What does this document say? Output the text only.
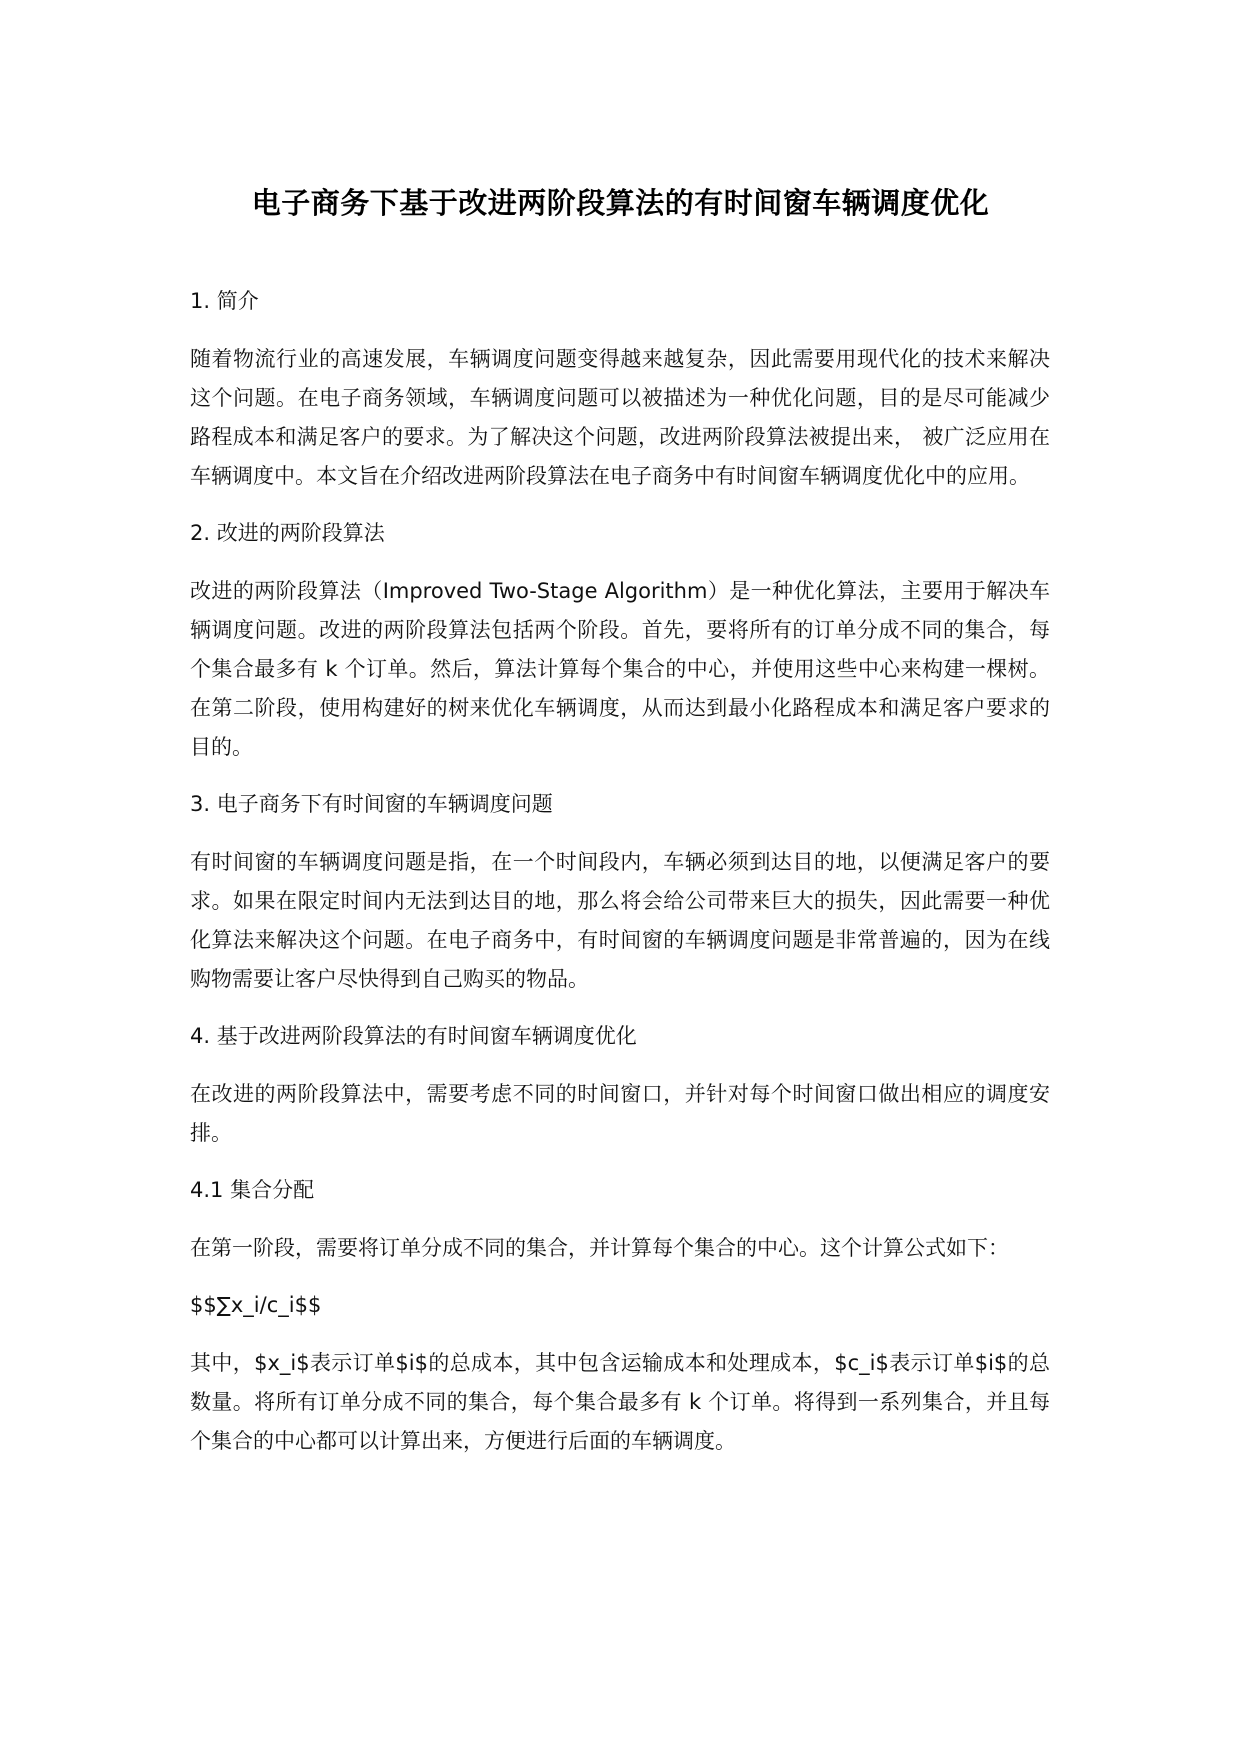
电子商务下基于改进两阶段算法的有时间窗车辆调度优化
1. 简介
随着物流行业的高速发展，车辆调度问题变得越来越复杂，因此需要用现代化的技术来解决这个问题。在电子商务领域，车辆调度问题可以被描述为一种优化问题，目的是尽可能减少路程成本和满足客户的要求。为了解决这个问题，改进两阶段算法被提出来， 被广泛应用在车辆调度中。本文旨在介绍改进两阶段算法在电子商务中有时间窗车辆调度优化中的应用。
2. 改进的两阶段算法
改进的两阶段算法（Improved Two-Stage Algorithm）是一种优化算法，主要用于解决车辆调度问题。改进的两阶段算法包括两个阶段。首先，要将所有的订单分成不同的集合，每个集合最多有 k 个订单。然后，算法计算每个集合的中心，并使用这些中心来构建一棵树。在第二阶段，使用构建好的树来优化车辆调度，从而达到最小化路程成本和满足客户要求的目的。
3. 电子商务下有时间窗的车辆调度问题
有时间窗的车辆调度问题是指，在一个时间段内，车辆必须到达目的地，以便满足客户的要求。如果在限定时间内无法到达目的地，那么将会给公司带来巨大的损失，因此需要一种优化算法来解决这个问题。在电子商务中，有时间窗的车辆调度问题是非常普遍的，因为在线购物需要让客户尽快得到自己购买的物品。
4. 基于改进两阶段算法的有时间窗车辆调度优化
在改进的两阶段算法中，需要考虑不同的时间窗口，并针对每个时间窗口做出相应的调度安排。
4.1 集合分配
在第一阶段，需要将订单分成不同的集合，并计算每个集合的中心。这个计算公式如下：
$$∑x_i/c_i$$
其中，$x_i$表示订单$i$的总成本，其中包含运输成本和处理成本，$c_i$表示订单$i$的总数量。将所有订单分成不同的集合，每个集合最多有 k 个订单。将得到一系列集合，并且每个集合的中心都可以计算出来，方便进行后面的车辆调度。
